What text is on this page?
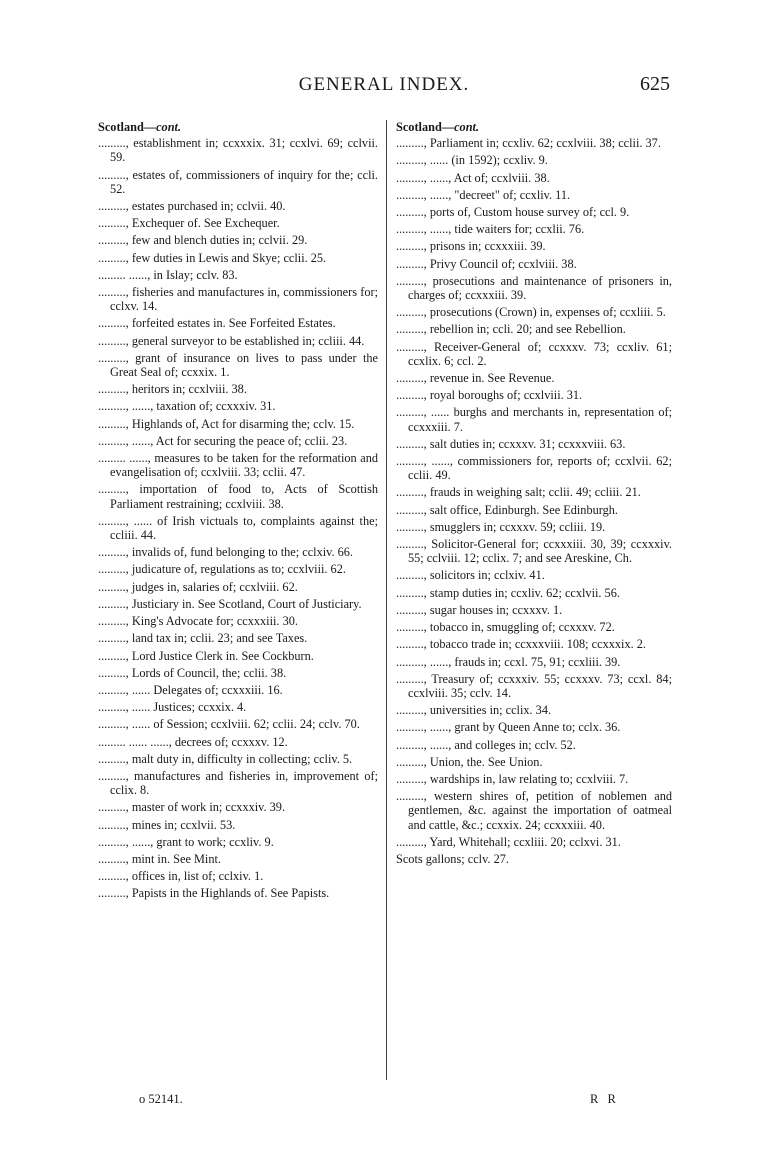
GENERAL INDEX.	625
Scotland—cont.
........., establishment in; ccxxxix. 31; ccxlvi. 69; cclvii. 59.
........., estates of, commissioners of inquiry for the; ccli. 52.
........., estates purchased in; cclvii. 40.
........., Exchequer of. See Exchequer.
........., few and blench duties in; cclvii. 29.
........., few duties in Lewis and Skye; cclii. 25.
......... ......, in Islay; cclv. 83.
........., fisheries and manufactures in, commissioners for; cclxv. 14.
........., forfeited estates in. See Forfeited Estates.
........., general surveyor to be established in; ccliii. 44.
........., grant of insurance on lives to pass under the Great Seal of; ccxxix. 1.
........., heritors in; ccxlviii. 38.
........., ......, taxation of; ccxxxiv. 31.
........., Highlands of, Act for disarming the; cclv. 15.
........., ......, Act for securing the peace of; cclii. 23.
......... ......, measures to be taken for the reformation and evangelisation of; ccxlviii. 33; cclii. 47.
........., importation of food to, Acts of Scottish Parliament restraining; ccxlviii. 38.
........., ...... of Irish victuals to, complaints against the; ccliii. 44.
........., invalids of, fund belonging to the; cclxiv. 66.
........., judicature of, regulations as to; ccxlviii. 62.
........., judges in, salaries of; ccxlviii. 62.
........., Justiciary in. See Scotland, Court of Justiciary.
........., King's Advocate for; ccxxxiii. 30.
........., land tax in; cclii. 23; and see Taxes.
........., Lord Justice Clerk in. See Cockburn.
........., Lords of Council, the; cclii. 38.
........., ...... Delegates of; ccxxxiii. 16.
........., ...... Justices; ccxxix. 4.
........., ...... of Session; ccxlviii. 62; cclii. 24; cclv. 70.
......... ...... ......, decrees of; ccxxxv. 12.
........., malt duty in, difficulty in collecting; ccliv. 5.
........., manufactures and fisheries in, improvement of; cclix. 8.
........., master of work in; ccxxxiv. 39.
........., mines in; ccxlvii. 53.
........., ......, grant to work; ccxliv. 9.
........., mint in. See Mint.
........., offices in, list of; cclxiv. 1.
........., Papists in the Highlands of. See Papists.
Scotland—cont.
........., Parliament in; ccxliv. 62; ccxlviii. 38; cclii. 37.
........., ...... (in 1592); ccxliv. 9.
........., ......, Act of; ccxlviii. 38.
........., ......, "decreet" of; ccxliv. 11.
........., ports of, Custom house survey of; ccl. 9.
........., ......, tide waiters for; ccxlii. 76.
........., prisons in; ccxxxiii. 39.
........., Privy Council of; ccxlviii. 38.
........., prosecutions and maintenance of prisoners in, charges of; ccxxxiii. 39.
........., prosecutions (Crown) in, expenses of; ccxliii. 5.
........., rebellion in; ccli. 20; and see Rebellion.
........., Receiver-General of; ccxxxv. 73; ccxliv. 61; ccxlix. 6; ccl. 2.
........., revenue in. See Revenue.
........., royal boroughs of; ccxlviii. 31.
........., ...... burghs and merchants in, representation of; ccxxxiii. 7.
........., salt duties in; ccxxxv. 31; ccxxxviii. 63.
........., ......, commissioners for, reports of; ccxlvii. 62; cclii. 49.
........., frauds in weighing salt; cclii. 49; ccliii. 21.
........., salt office, Edinburgh. See Edinburgh.
........., smugglers in; ccxxxv. 59; ccliii. 19.
........., Solicitor-General for; ccxxxiii. 30, 39; ccxxxiv. 55; cclviii. 12; cclix. 7; and see Areskine, Ch.
........., solicitors in; cclxiv. 41.
........., stamp duties in; ccxliv. 62; ccxlvii. 56.
........., sugar houses in; ccxxxv. 1.
........., tobacco in, smuggling of; ccxxxv. 72.
........., tobacco trade in; ccxxxviii. 108; ccxxxix. 2.
........., ......, frauds in; ccxl. 75, 91; ccxliii. 39.
........., Treasury of; ccxxxiv. 55; ccxxxv. 73; ccxl. 84; ccxlviii. 35; cclv. 14.
........., universities in; cclix. 34.
........., ......, grant by Queen Anne to; cclx. 36.
........., ......, and colleges in; cclv. 52.
........., Union, the. See Union.
........., wardships in, law relating to; ccxlviii. 7.
........., western shires of, petition of noblemen and gentlemen, &c. against the importation of oatmeal and cattle, &c.; ccxxix. 24; ccxxxiii. 40.
........., Yard, Whitehall; ccxliii. 20; cclxvi. 31.
Scots gallons; cclv. 27.
o 52141.	R R
